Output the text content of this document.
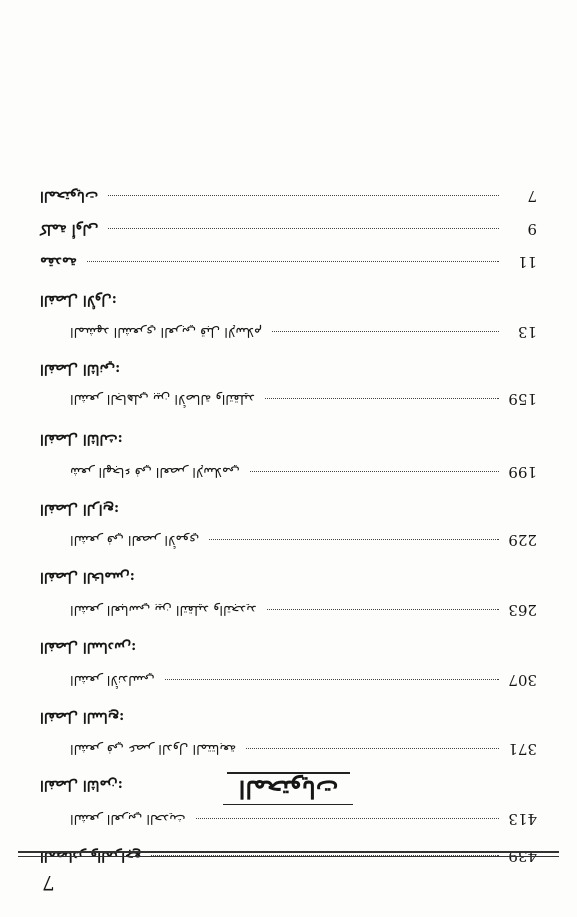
المصادر والمراجع	439
الشعر العربي الحديث	413
الفصل الثامن:
الشعر في عصر الدول المتتابعة	371
الفصل السابع:
الشعر الأندلسي	307
الفصل السادس:
الشعر العباسي بين التقليد والتجديد	263
الفصل الخامس:
الشعر في العصر الأموي	229
الفصل الرابع:
شعر الهجاء في العصر الإسلامي	199
الفصل الثالث:
الشعر الجاهلي بين الأصالة والتقليد	159
الفصل الثاني:
المشهد الشعري العربي قبل الإسلام	13
الفصل الأول:
مقدمة	11
كلمة أولى	9
المحتويات	7
المحتويات
7
